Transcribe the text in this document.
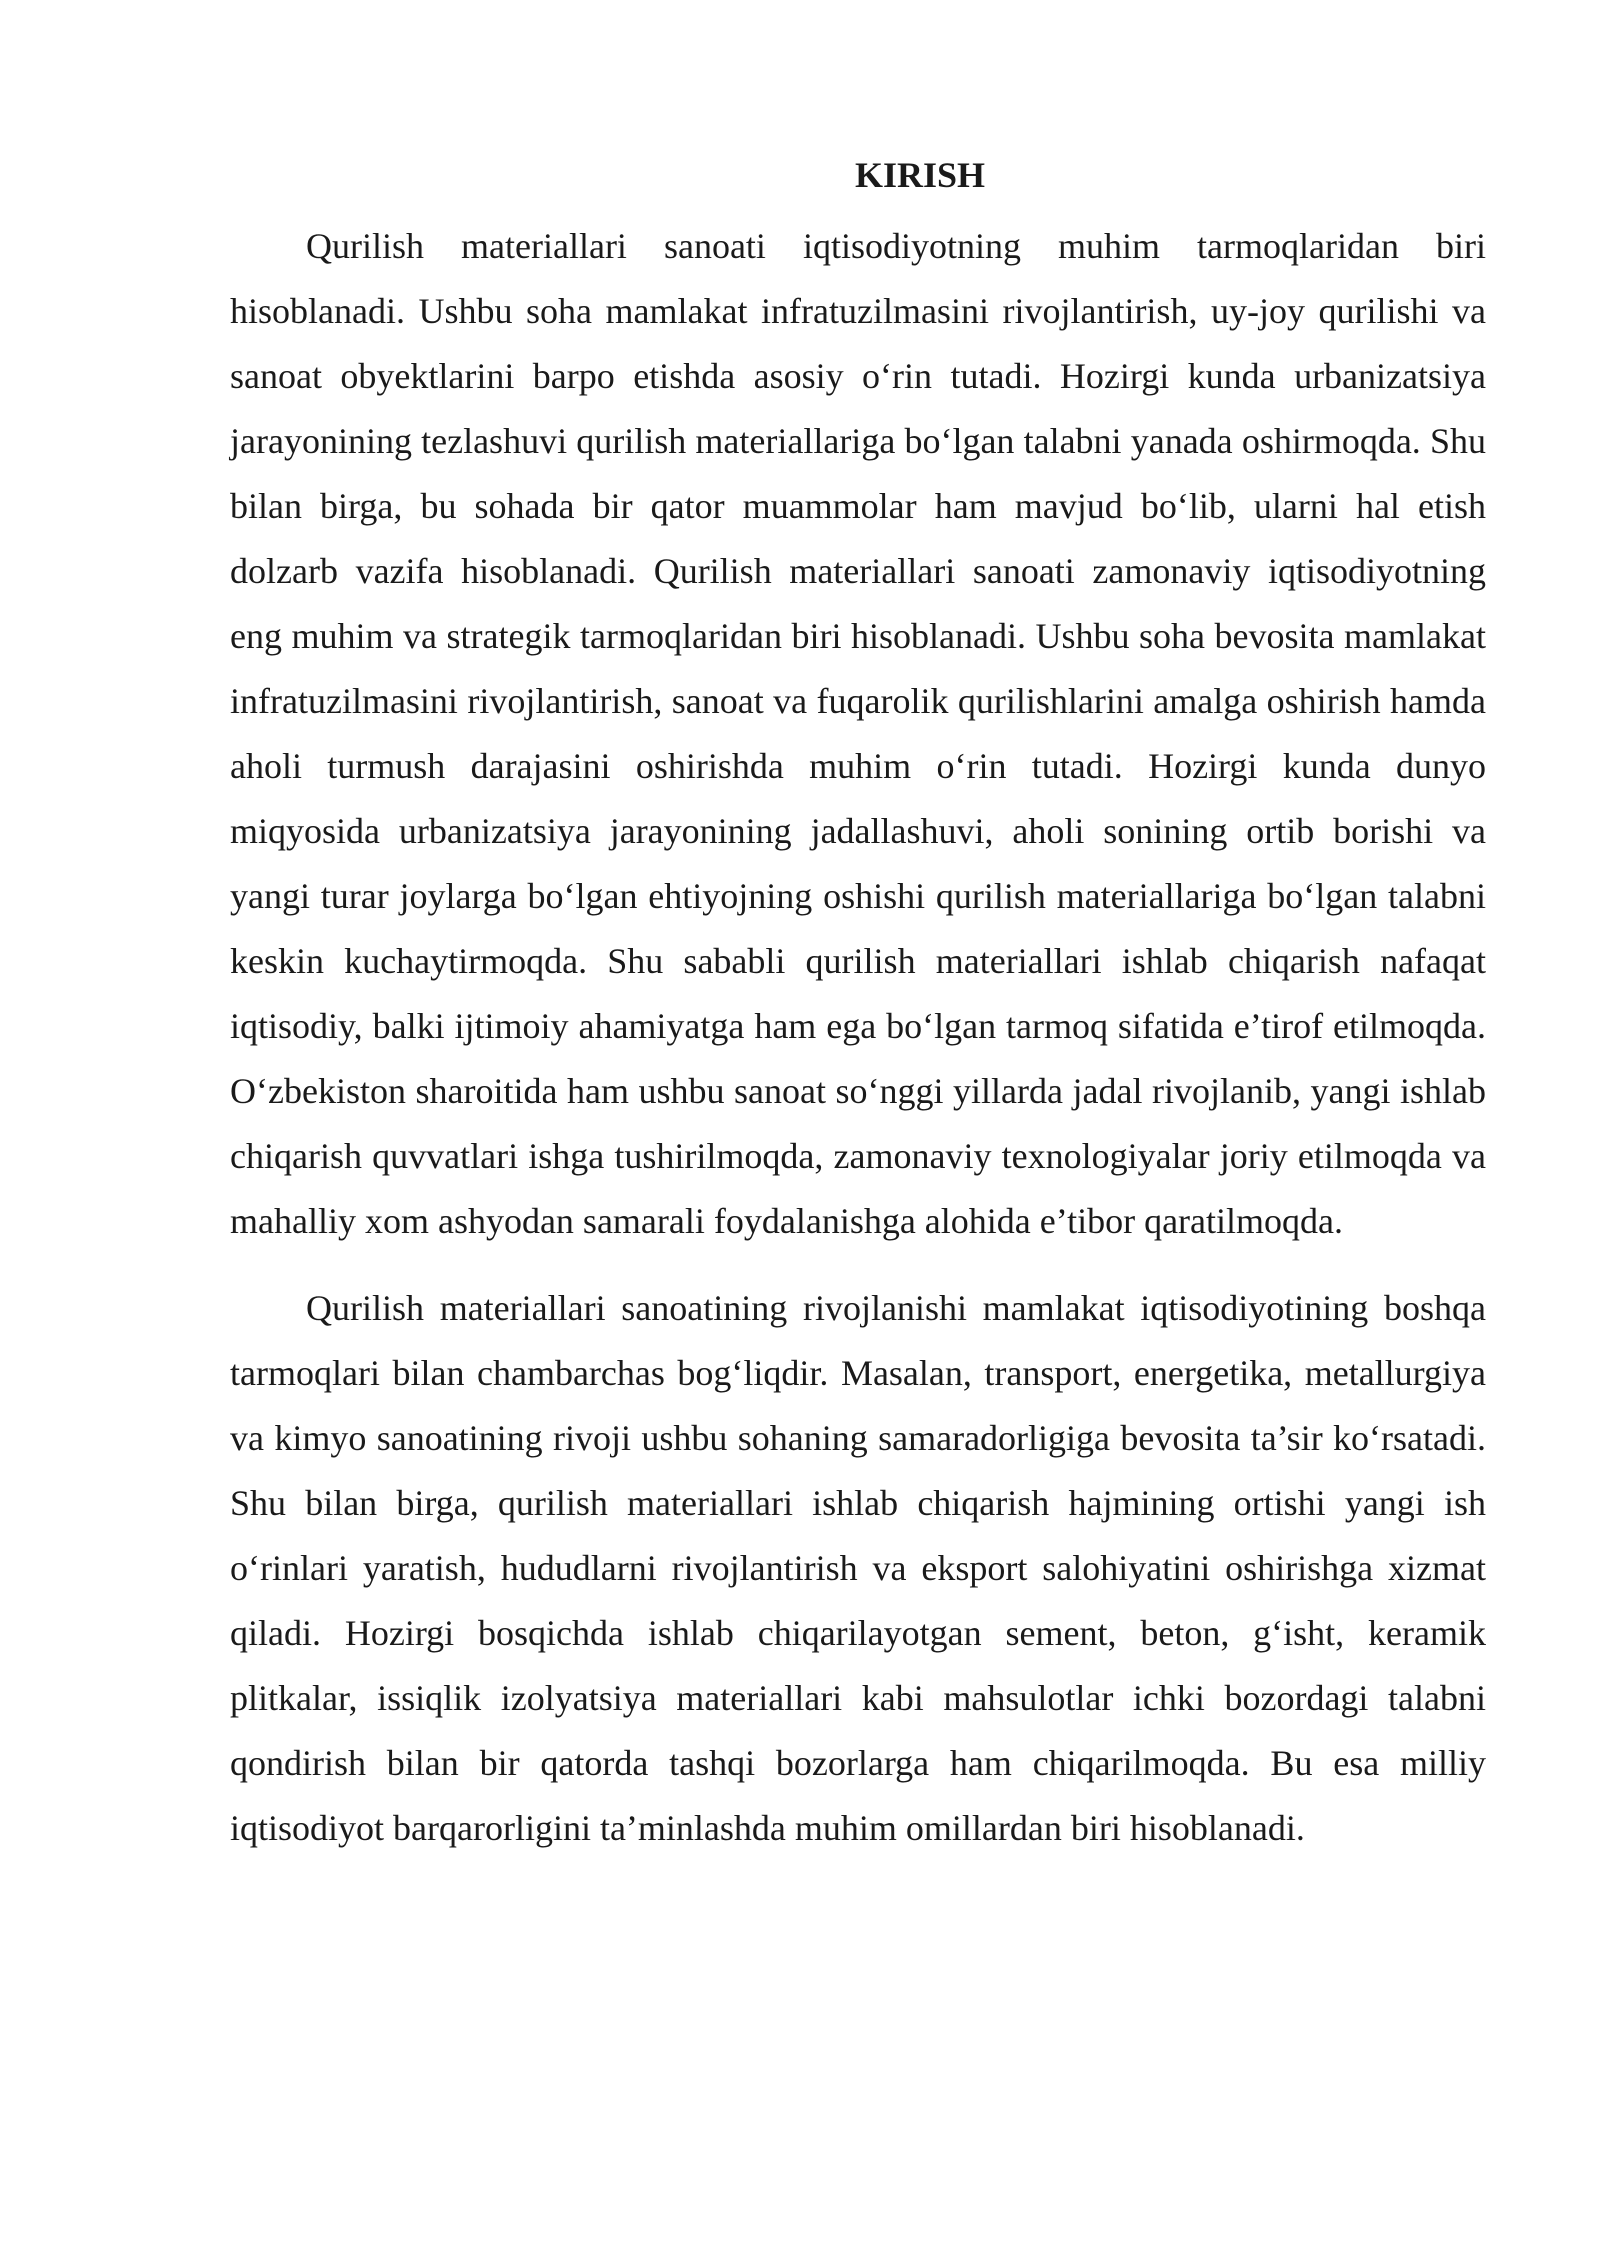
KIRISH

Qurilish materiallari sanoati iqtisodiyotning muhim tarmoqlaridan biri hisoblanadi. Ushbu soha mamlakat infratuzilmasini rivojlantirish, uy-joy qurilishi va sanoat obyektlarini barpo etishda asosiy o‘rin tutadi. Hozirgi kunda urbanizatsiya jarayonining tezlashuvi qurilish materiallariga bo‘lgan talabni yanada oshirmoqda. Shu bilan birga, bu sohada bir qator muammolar ham mavjud bo‘lib, ularni hal etish dolzarb vazifa hisoblanadi. Qurilish materiallari sanoati zamonaviy iqtisodiyotning eng muhim va strategik tarmoqlaridan biri hisoblanadi. Ushbu soha bevosita mamlakat infratuzilmasini rivojlantirish, sanoat va fuqarolik qurilishlarini amalga oshirish hamda aholi turmush darajasini oshirishda muhim o‘rin tutadi. Hozirgi kunda dunyo miqyosida urbanizatsiya jarayonining jadallashuvi, aholi sonining ortib borishi va yangi turar joylarga bo‘lgan ehtiyojning oshishi qurilish materiallariga bo‘lgan talabni keskin kuchaytirmoqda. Shu sababli qurilish materiallari ishlab chiqarish nafaqat iqtisodiy, balki ijtimoiy ahamiyatga ham ega bo‘lgan tarmoq sifatida e’tirof etilmoqda. O‘zbekiston sharoitida ham ushbu sanoat so‘nggi yillarda jadal rivojlanib, yangi ishlab chiqarish quvvatlari ishga tushirilmoqda, zamonaviy texnologiyalar joriy etilmoqda va mahalliy xom ashyodan samarali foydalanishga alohida e’tibor qaratilmoqda.

Qurilish materiallari sanoatining rivojlanishi mamlakat iqtisodiyotining boshqa tarmoqlari bilan chambarchas bog‘liqdir. Masalan, transport, energetika, metallurgiya va kimyo sanoatining rivoji ushbu sohaning samaradorligiga bevosita ta’sir ko‘rsatadi. Shu bilan birga, qurilish materiallari ishlab chiqarish hajmining ortishi yangi ish o‘rinlari yaratish, hududlarni rivojlantirish va eksport salohiyatini oshirishga xizmat qiladi. Hozirgi bosqichda ishlab chiqarilayotgan sement, beton, g‘isht, keramik plitkalar, issiqlik izolyatsiya materiallari kabi mahsulotlar ichki bozordagi talabni qondirish bilan bir qatorda tashqi bozorlarga ham chiqarilmoqda. Bu esa milliy iqtisodiyot barqarorligini ta’minlashda muhim omillardan biri hisoblanadi.
